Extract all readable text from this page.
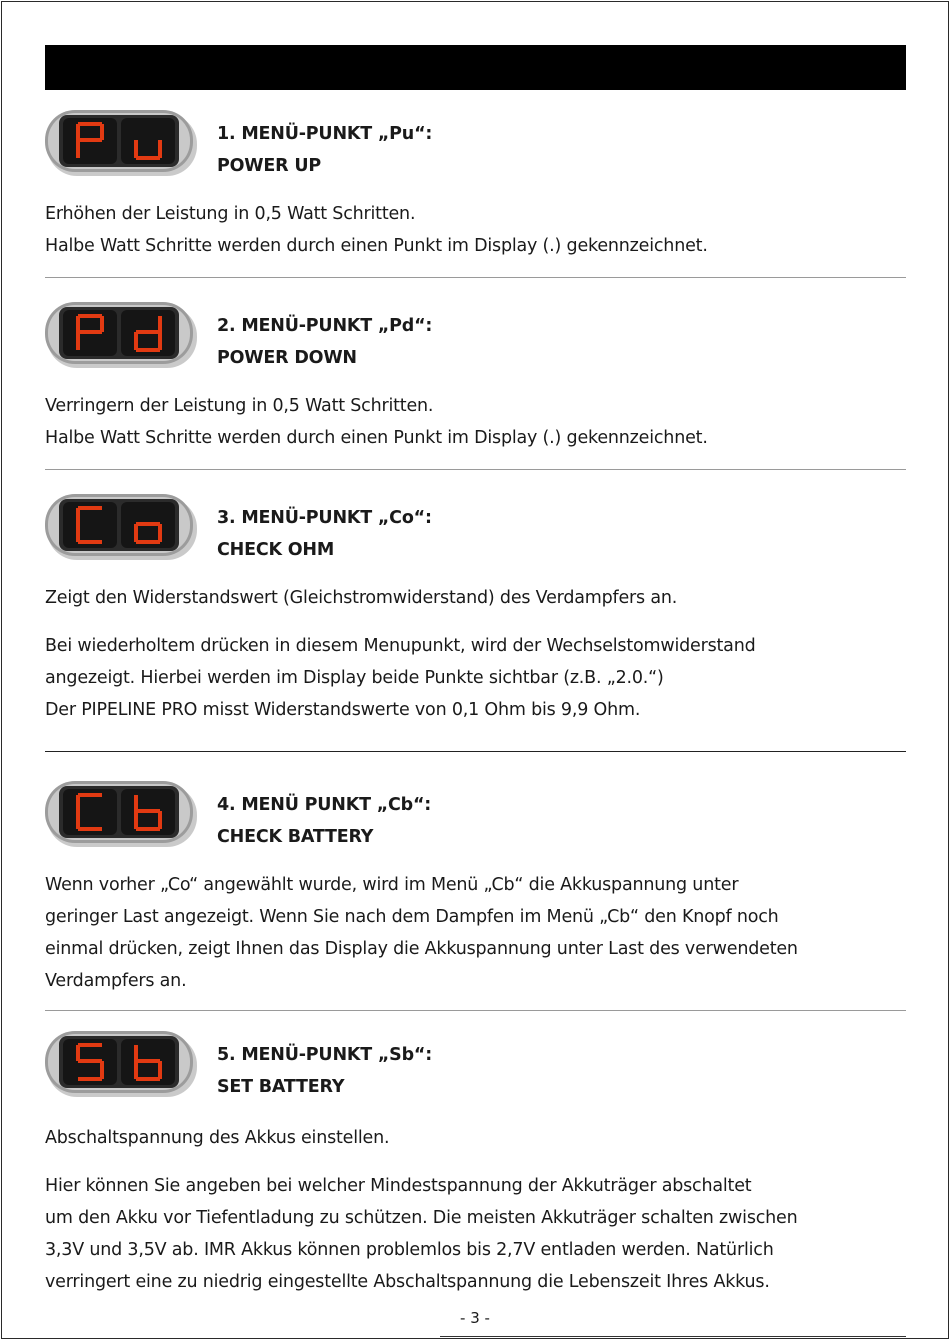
1. MENÜ-PUNKT „Pu“:
POWER UP

Erhöhen der Leistung in 0,5 Watt Schritten.

Halbe Watt Schritte werden durch einen Punkt im Display (.) gekennzeichnet.

2. MENÜ-PUNKT „Pd“:
POWER DOWN

Verringern der Leistung in 0,5 Watt Schritten.

Halbe Watt Schritte werden durch einen Punkt im Display (.) gekennzeichnet.

3. MENÜ-PUNKT „Co“:
CHECK OHM

Zeigt den Widerstandswert (Gleichstromwiderstand) des Verdampfers an.

Bei wiederholtem drücken in diesem Menupunkt, wird der Wechselstomwiderstand

angezeigt. Hierbei werden im Display beide Punkte sichtbar (z.B. „2.0.“)

Der PIPELINE PRO misst Widerstandswerte von 0,1 Ohm bis 9,9 Ohm.

4. MENÜ PUNKT „Cb“:
CHECK BATTERY

Wenn vorher „Co“ angewählt wurde, wird im Menü „Cb“ die Akkuspannung unter

geringer Last angezeigt. Wenn Sie nach dem Dampfen im Menü „Cb“ den Knopf noch

einmal drücken, zeigt Ihnen das Display die Akkuspannung unter Last des verwendeten

Verdampfers an.

5. MENÜ-PUNKT „Sb“:
SET BATTERY

Abschaltspannung des Akkus einstellen.

Hier können Sie angeben bei welcher Mindestspannung der Akkuträger abschaltet

um den Akku vor Tiefentladung zu schützen. Die meisten Akkuträger schalten zwischen

3,3V und 3,5V ab. IMR Akkus können problemlos bis 2,7V entladen werden. Natürlich

verringert eine zu niedrig eingestellte Abschaltspannung die Lebenszeit Ihres Akkus.

- 3 -
